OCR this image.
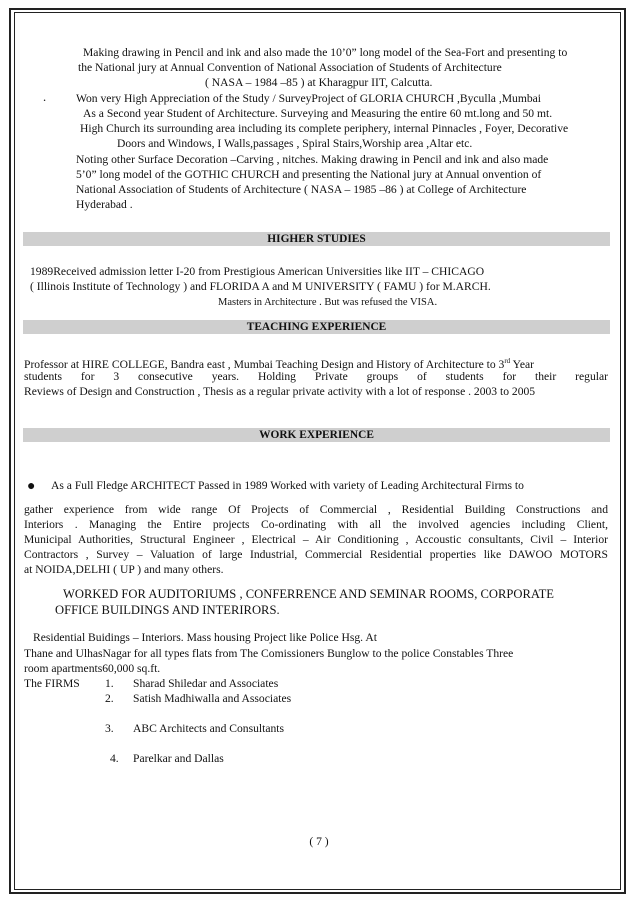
Making drawing in Pencil and ink and also made the 10’0” long model of the Sea-Fort and presenting to
the National jury at Annual Convention of National Association of Students of Architecture
( NASA – 1984 –85 ) at Kharagpur IIT, Calcutta.
.	Won very High Appreciation of the Study / SurveyProject of GLORIA CHURCH ,Byculla ,Mumbai
As a Second year Student of Architecture. Surveying and Measuring the entire 60 mt.long and 50 mt.
High Church its surrounding area including its complete periphery, internal Pinnacles , Foyer, Decorative
Doors and Windows, I Walls,passages , Spiral Stairs,Worship area ,Altar etc.
Noting other Surface Decoration –Carving , nitches. Making drawing in Pencil and ink and also made
5’0” long model of the GOTHIC CHURCH and presenting the National jury at Annual onvention of
National Association of Students of Architecture ( NASA – 1985 –86 ) at College of Architecture
Hyderabad .
HIGHER STUDIES
1989Received admission letter I-20 from Prestigious American Universities like IIT – CHICAGO
( Illinois Institute of Technology ) and FLORIDA A and M UNIVERSITY ( FAMU ) for M.ARCH.
Masters in Architecture . But was refused the VISA.
TEACHING EXPERIENCE
Professor at HIRE COLLEGE, Bandra east , Mumbai Teaching Design and History of Architecture to 3rd Year
students for 3 consecutive years. Holding Private groups of students for their regular
Reviews of Design and Construction , Thesis as a regular private activity with a lot of response . 2003 to 2005
WORK EXPERIENCE
● As a Full Fledge ARCHITECT Passed in 1989 Worked with variety of Leading Architectural Firms to
gather experience from wide range Of Projects of Commercial , Residential Building Constructions and
Interiors . Managing the Entire projects Co-ordinating with all the involved agencies including Client,
Municipal Authorities, Structural Engineer , Electrical – Air Conditioning , Accoustic consultants, Civil – Interior
Contractors , Survey – Valuation of large Industrial, Commercial Residential properties like DAWOO MOTORS
at NOIDA,DELHI ( UP ) and many others.
WORKED FOR AUDITORIUMS , CONFERRENCE AND SEMINAR ROOMS, CORPORATE
OFFICE BUILDINGS AND INTERIRORS.
Residential Buidings – Interiors. Mass housing Project like Police Hsg. At
Thane and UlhasNagar for all types flats from The Comissioners Bunglow to the police Constables Three
room apartments60,000 sq.ft.
The FIRMS 1. Sharad Shiledar and Associates
2. Satish Madhiwalla and Associates
3. ABC Architects and Consultants
4. Parelkar and Dallas
( 7 )
